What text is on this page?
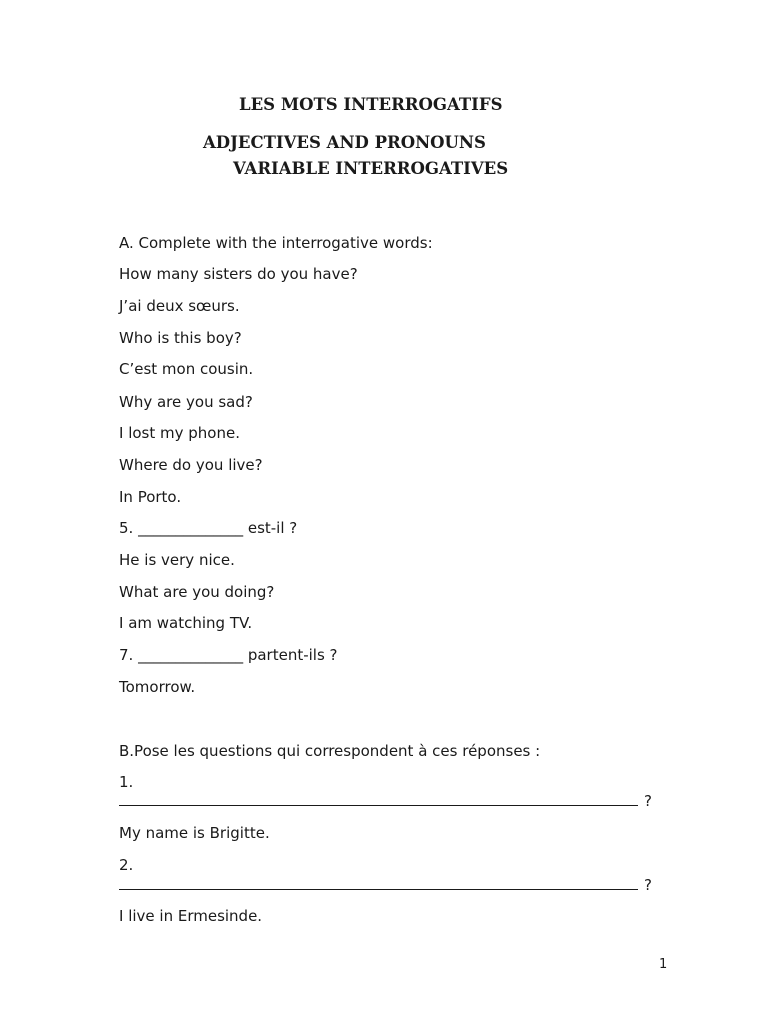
LES MOTS INTERROGATIFS
ADJECTIVES AND PRONOUNS
VARIABLE INTERROGATIVES

A. Complete with the interrogative words:

How many sisters do you have?

J’ai deux sœurs.

Who is this boy?

C’est mon cousin.

Why are you sad?

I lost my phone.

Where do you live?

In Porto.

5. ______________ est-il ?

He is very nice.

What are you doing?

I am watching TV.

7. ______________ partent-ils ?

Tomorrow.

B.Pose les questions qui correspondent à ces réponses :

1.

?

My name is Brigitte.

2.

?

I live in Ermesinde.

1
